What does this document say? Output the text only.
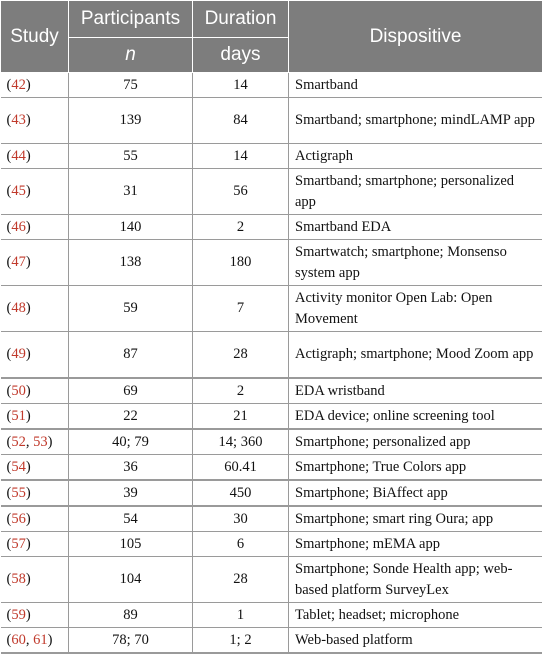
Study	Participants	Duration	Dispositive
	n	days	
(42)	75	14	Smartband
(43)	139	84	Smartband; smartphone; mindLAMP app
(44)	55	14	Actigraph
(45)	31	56	Smartband; smartphone; personalized app
(46)	140	2	Smartband EDA
(47)	138	180	Smartwatch; smartphone; Monsenso system app
(48)	59	7	Activity monitor Open Lab: Open Movement
(49)	87	28	Actigraph; smartphone; Mood Zoom app
(50)	69	2	EDA wristband
(51)	22	21	EDA device; online screening tool
(52, 53)	40; 79	14; 360	Smartphone; personalized app
(54)	36	60.41	Smartphone; True Colors app
(55)	39	450	Smartphone; BiAffect app
(56)	54	30	Smartphone; smart ring Oura; app
(57)	105	6	Smartphone; mEMA app
(58)	104	28	Smartphone; Sonde Health app; web-based platform SurveyLex
(59)	89	1	Tablet; headset; microphone
(60, 61)	78; 70	1; 2	Web-based platform
